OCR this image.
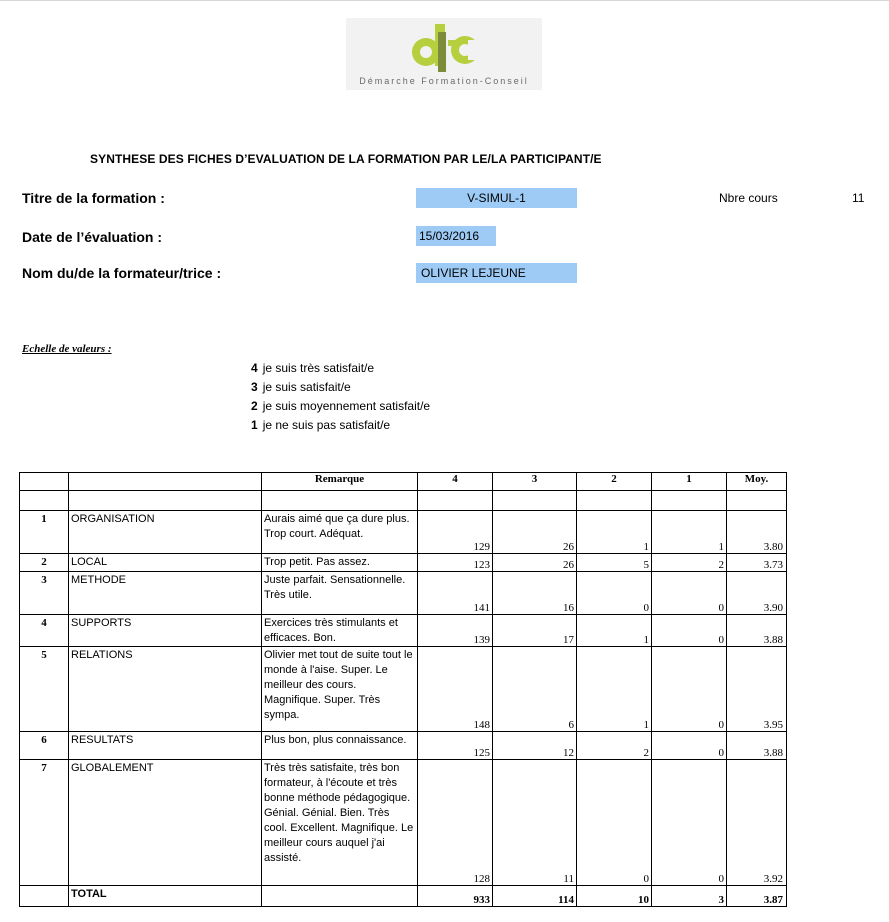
Démarche Formation-Conseil
SYNTHESE DES FICHES D’EVALUATION DE LA FORMATION PAR LE/LA PARTICIPANT/E
Titre de la formation :	V-SIMUL-1	Nbre cours	11
Date de l’évaluation :	15/03/2016
Nom du/de la formateur/trice :	OLIVIER LEJEUNE
Echelle de valeurs :
4 je suis très satisfait/e
3 je suis satisfait/e
2 je suis moyennement satisfait/e
1 je ne suis pas satisfait/e
		Remarque	4	3	2	1	Moy.

1	ORGANISATION	Aurais aimé que ça dure plus. Trop court. Adéquat.	129	26	1	1	3.80
2	LOCAL	Trop petit. Pas assez.	123	26	5	2	3.73
3	METHODE	Juste parfait. Sensationnelle. Très utile.	141	16	0	0	3.90
4	SUPPORTS	Exercices très stimulants et efficaces. Bon.	139	17	1	0	3.88
5	RELATIONS	Olivier met tout de suite tout le monde à l'aise. Super. Le meilleur des cours. Magnifique. Super. Très sympa.	148	6	1	0	3.95
6	RESULTATS	Plus bon, plus connaissance.	125	12	2	0	3.88
7	GLOBALEMENT	Très très satisfaite, très bon formateur, à l'écoute et très bonne méthode pédagogique. Génial. Génial. Bien. Très cool. Excellent. Magnifique. Le meilleur cours auquel j'ai assisté.	128	11	0	0	3.92
	TOTAL		933	114	10	3	3.87
